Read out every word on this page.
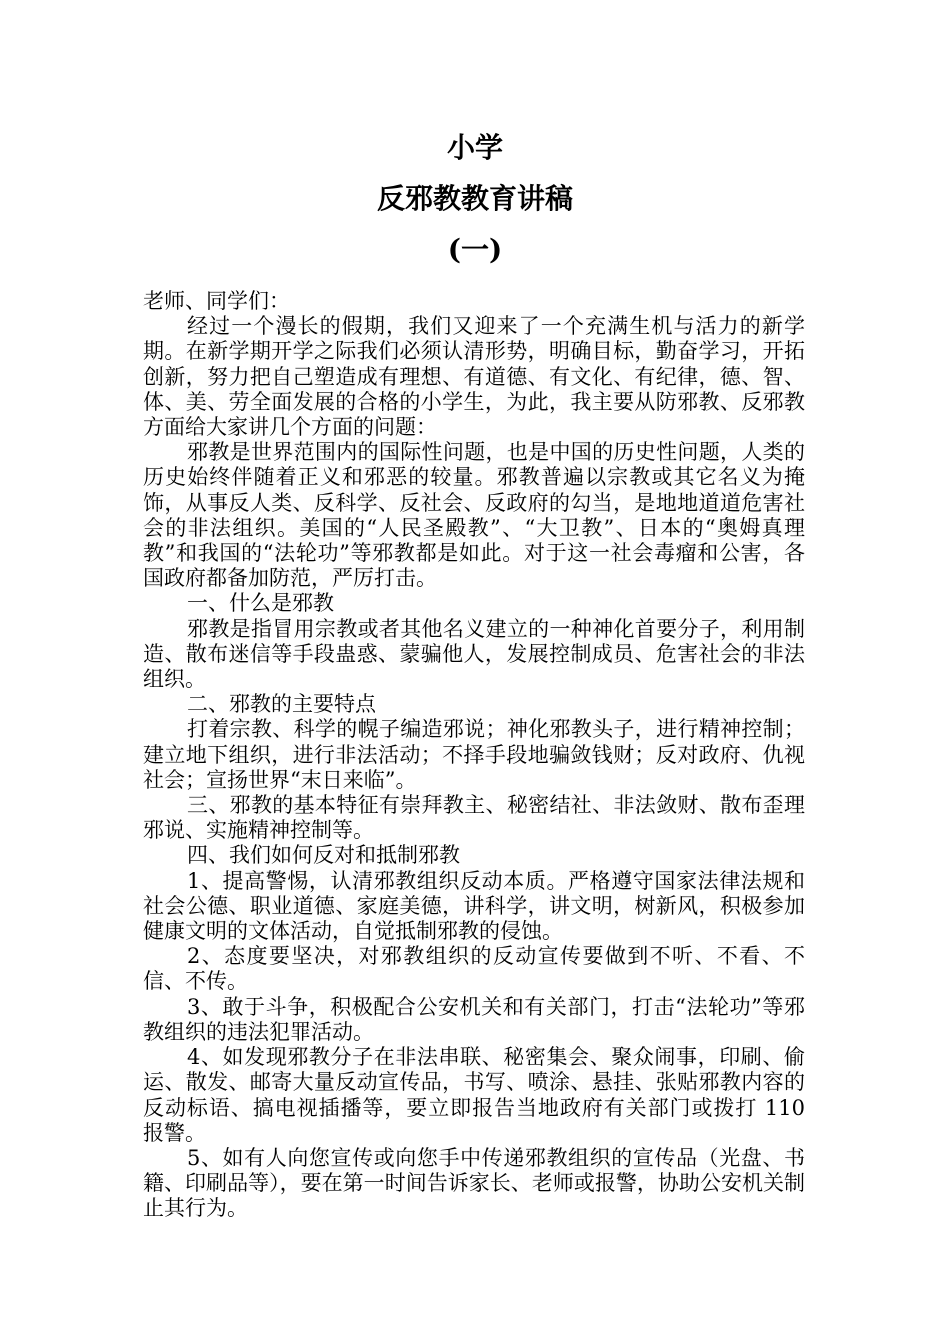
小学
反邪教教育讲稿
(一)

老师、同学们：

经过一个漫长的假期，我们又迎来了一个充满生机与活力的新学期。在新学期开学之际我们必须认清形势，明确目标，勤奋学习，开拓创新，努力把自己塑造成有理想、有道德、有文化、有纪律，德、智、体、美、劳全面发展的合格的小学生，为此，我主要从防邪教、反邪教方面给大家讲几个方面的问题：

邪教是世界范围内的国际性问题，也是中国的历史性问题，人类的历史始终伴随着正义和邪恶的较量。邪教普遍以宗教或其它名义为掩饰，从事反人类、反科学、反社会、反政府的勾当，是地地道道危害社会的非法组织。美国的“人民圣殿教”、“大卫教”、日本的“奥姆真理教”和我国的“法轮功”等邪教都是如此。对于这一社会毒瘤和公害，各国政府都备加防范，严厉打击。

一、什么是邪教

邪教是指冒用宗教或者其他名义建立的一种神化首要分子，利用制造、散布迷信等手段蛊惑、蒙骗他人，发展控制成员、危害社会的非法组织。

二、邪教的主要特点

打着宗教、科学的幌子编造邪说；神化邪教头子，进行精神控制；建立地下组织，进行非法活动；不择手段地骗敛钱财；反对政府、仇视社会；宣扬世界“末日来临”。

三、邪教的基本特征有崇拜教主、秘密结社、非法敛财、散布歪理邪说、实施精神控制等。

四、我们如何反对和抵制邪教

1、提高警惕，认清邪教组织反动本质。严格遵守国家法律法规和社会公德、职业道德、家庭美德，讲科学，讲文明，树新风，积极参加健康文明的文体活动，自觉抵制邪教的侵蚀。

2、态度要坚决，对邪教组织的反动宣传要做到不听、不看、不信、不传。

3、敢于斗争，积极配合公安机关和有关部门，打击“法轮功”等邪教组织的违法犯罪活动。

4、如发现邪教分子在非法串联、秘密集会、聚众闹事，印刷、偷运、散发、邮寄大量反动宣传品，书写、喷涂、悬挂、张贴邪教内容的反动标语、搞电视插播等，要立即报告当地政府有关部门或拨打 110 报警。

5、如有人向您宣传或向您手中传递邪教组织的宣传品（光盘、书籍、印刷品等），要在第一时间告诉家长、老师或报警，协助公安机关制止其行为。
